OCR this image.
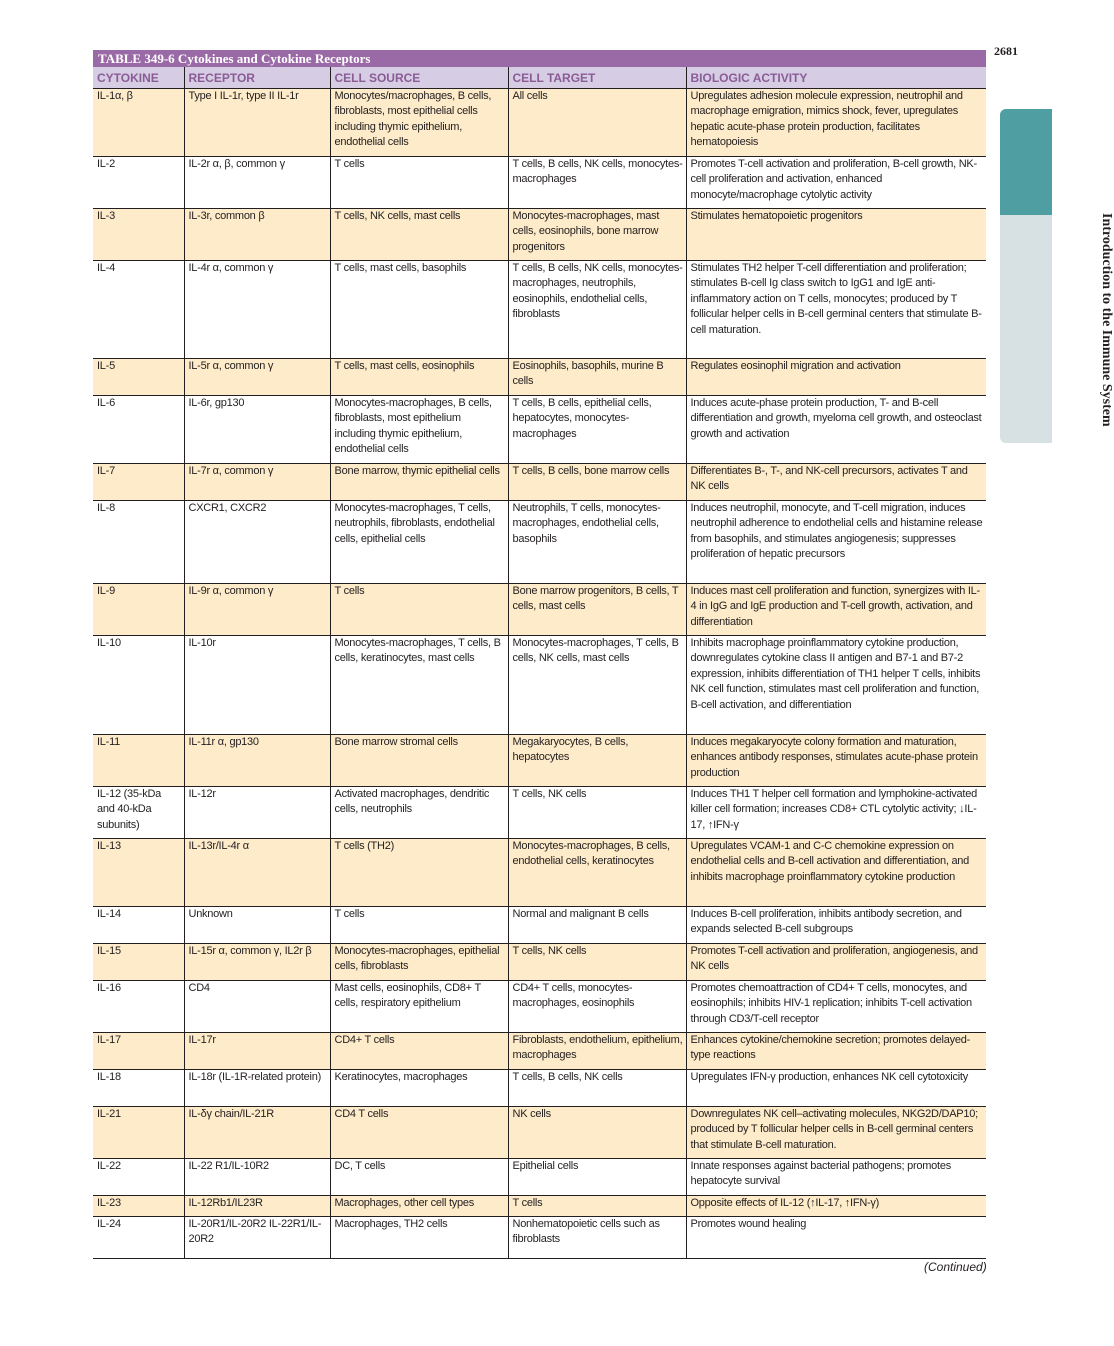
2681
CHAPTER 349Introduction to the Immune System
TABLE 349-6 Cytokines and Cytokine Receptors
CYTOKINE	RECEPTOR	CELL SOURCE	CELL TARGET	BIOLOGIC ACTIVITY
IL-1α, β	Type I IL-1r, type II IL-1r	Monocytes/macrophages, B cells, fibroblasts, most epithelial cells including thymic epithelium, endothelial cells	All cells	Upregulates adhesion molecule expression, neutrophil and macrophage emigration, mimics shock, fever, upregulates hepatic acute-phase protein production, facilitates hematopoiesis
IL-2	IL-2r α, β, common γ	T cells	T cells, B cells, NK cells, monocytes-macrophages	Promotes T-cell activation and proliferation, B-cell growth, NK-cell proliferation and activation, enhanced monocyte/macrophage cytolytic activity
IL-3	IL-3r, common β	T cells, NK cells, mast cells	Monocytes-macrophages, mast cells, eosinophils, bone marrow progenitors	Stimulates hematopoietic progenitors
IL-4	IL-4r α, common γ	T cells, mast cells, basophils	T cells, B cells, NK cells, monocytes-macrophages, neutrophils, eosinophils, endothelial cells, fibroblasts	Stimulates TH2 helper T-cell differentiation and proliferation; stimulates B-cell Ig class switch to IgG1 and IgE anti-inflammatory action on T cells, monocytes; produced by T follicular helper cells in B-cell germinal centers that stimulate B-cell maturation.
IL-5	IL-5r α, common γ	T cells, mast cells, eosinophils	Eosinophils, basophils, murine B cells	Regulates eosinophil migration and activation
IL-6	IL-6r, gp130	Monocytes-macrophages, B cells, fibroblasts, most epithelium including thymic epithelium, endothelial cells	T cells, B cells, epithelial cells, hepatocytes, monocytes-macrophages	Induces acute-phase protein production, T- and B-cell differentiation and growth, myeloma cell growth, and osteoclast growth and activation
IL-7	IL-7r α, common γ	Bone marrow, thymic epithelial cells	T cells, B cells, bone marrow cells	Differentiates B-, T-, and NK-cell precursors, activates T and NK cells
IL-8	CXCR1, CXCR2	Monocytes-macrophages, T cells, neutrophils, fibroblasts, endothelial cells, epithelial cells	Neutrophils, T cells, monocytes-macrophages, endothelial cells, basophils	Induces neutrophil, monocyte, and T-cell migration, induces neutrophil adherence to endothelial cells and histamine release from basophils, and stimulates angiogenesis; suppresses proliferation of hepatic precursors
IL-9	IL-9r α, common γ	T cells	Bone marrow progenitors, B cells, T cells, mast cells	Induces mast cell proliferation and function, synergizes with IL-4 in IgG and IgE production and T-cell growth, activation, and differentiation
IL-10	IL-10r	Monocytes-macrophages, T cells, B cells, keratinocytes, mast cells	Monocytes-macrophages, T cells, B cells, NK cells, mast cells	Inhibits macrophage proinflammatory cytokine production, downregulates cytokine class II antigen and B7-1 and B7-2 expression, inhibits differentiation of TH1 helper T cells, inhibits NK cell function, stimulates mast cell proliferation and function, B-cell activation, and differentiation
IL-11	IL-11r α, gp130	Bone marrow stromal cells	Megakaryocytes, B cells, hepatocytes	Induces megakaryocyte colony formation and maturation, enhances antibody responses, stimulates acute-phase protein production
IL-12 (35-kDa and 40-kDa subunits)	IL-12r	Activated macrophages, dendritic cells, neutrophils	T cells, NK cells	Induces TH1 T helper cell formation and lymphokine-activated killer cell formation; increases CD8+ CTL cytolytic activity; ↓IL-17, ↑IFN-γ
IL-13	IL-13r/IL-4r α	T cells (TH2)	Monocytes-macrophages, B cells, endothelial cells, keratinocytes	Upregulates VCAM-1 and C-C chemokine expression on endothelial cells and B-cell activation and differentiation, and inhibits macrophage proinflammatory cytokine production
IL-14	Unknown	T cells	Normal and malignant B cells	Induces B-cell proliferation, inhibits antibody secretion, and expands selected B-cell subgroups
IL-15	IL-15r α, common γ, IL2r β	Monocytes-macrophages, epithelial cells, fibroblasts	T cells, NK cells	Promotes T-cell activation and proliferation, angiogenesis, and NK cells
IL-16	CD4	Mast cells, eosinophils, CD8+ T cells, respiratory epithelium	CD4+ T cells, monocytes-macrophages, eosinophils	Promotes chemoattraction of CD4+ T cells, monocytes, and eosinophils; inhibits HIV-1 replication; inhibits T-cell activation through CD3/T-cell receptor
IL-17	IL-17r	CD4+ T cells	Fibroblasts, endothelium, epithelium, macrophages	Enhances cytokine/chemokine secretion; promotes delayed-type reactions
IL-18	IL-18r (IL-1R-related protein)	Keratinocytes, macrophages	T cells, B cells, NK cells	Upregulates IFN-γ production, enhances NK cell cytotoxicity
IL-21	IL-δγ chain/IL-21R	CD4 T cells	NK cells	Downregulates NK cell–activating molecules, NKG2D/DAP10; produced by T follicular helper cells in B-cell germinal centers that stimulate B-cell maturation.
IL-22	IL-22 R1/IL-10R2	DC, T cells	Epithelial cells	Innate responses against bacterial pathogens; promotes hepatocyte survival
IL-23	IL-12Rb1/IL23R	Macrophages, other cell types	T cells	Opposite effects of IL-12 (↑IL-17, ↑IFN-γ)
IL-24	IL-20R1/IL-20R2 IL-22R1/IL-20R2	Macrophages, TH2 cells	Nonhematopoietic cells such as fibroblasts	Promotes wound healing
(Continued)
